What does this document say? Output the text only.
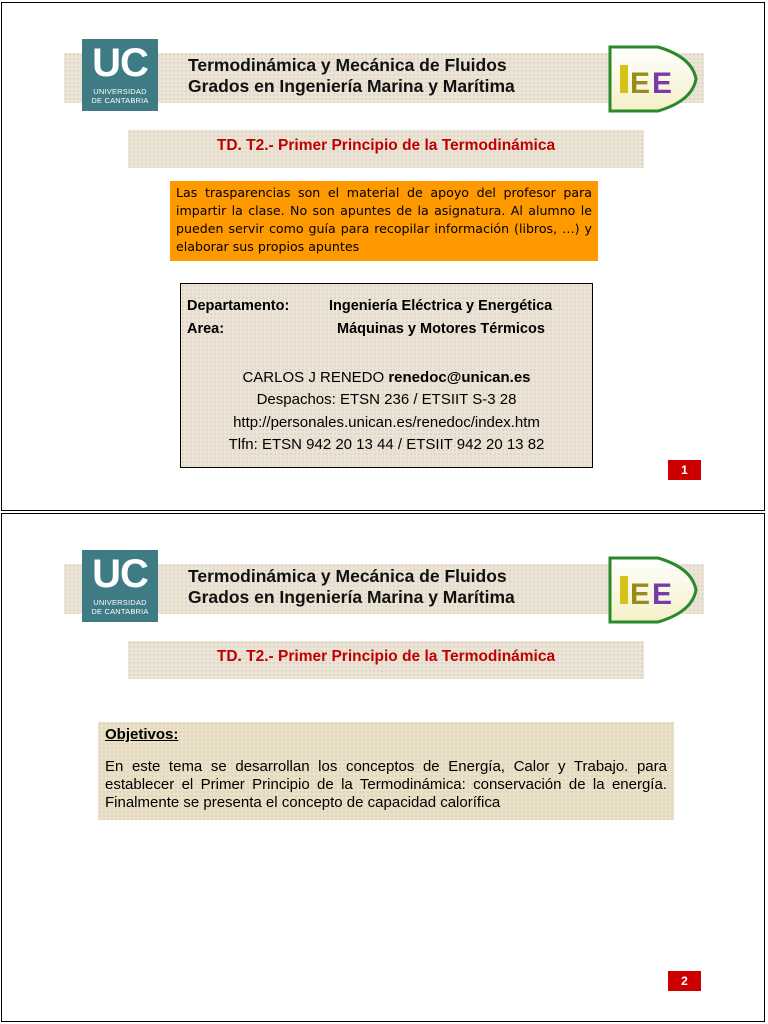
UC
UNIVERSIDAD
DE CANTABRIA
Termodinámica y Mecánica de Fluidos
Grados en Ingeniería Marina y Marítima	E E
TD. T2.- Primer Principio de la Termodinámica
Las trasparencias son el material de apoyo del profesor para impartir la clase. No son apuntes de la asignatura. Al alumno le pueden servir como guía para recopilar información (libros, …) y elaborar sus propios apuntes
Departamento:	Ingeniería Eléctrica y Energética
Area:	Máquinas y Motores Térmicos
CARLOS J RENEDO renedoc@unican.es
Despachos: ETSN 236 / ETSIIT S-3 28
http://personales.unican.es/renedoc/index.htm
Tlfn: ETSN 942 20 13 44 / ETSIIT 942 20 13 82
1
UC
UNIVERSIDAD
DE CANTABRIA
Termodinámica y Mecánica de Fluidos
Grados en Ingeniería Marina y Marítima	E E
TD. T2.- Primer Principio de la Termodinámica
Objetivos:
En este tema se desarrollan los conceptos de Energía, Calor y Trabajo. para establecer el Primer Principio de la Termodinámica: conservación de la energía. Finalmente se presenta el concepto de capacidad calorífica
2
